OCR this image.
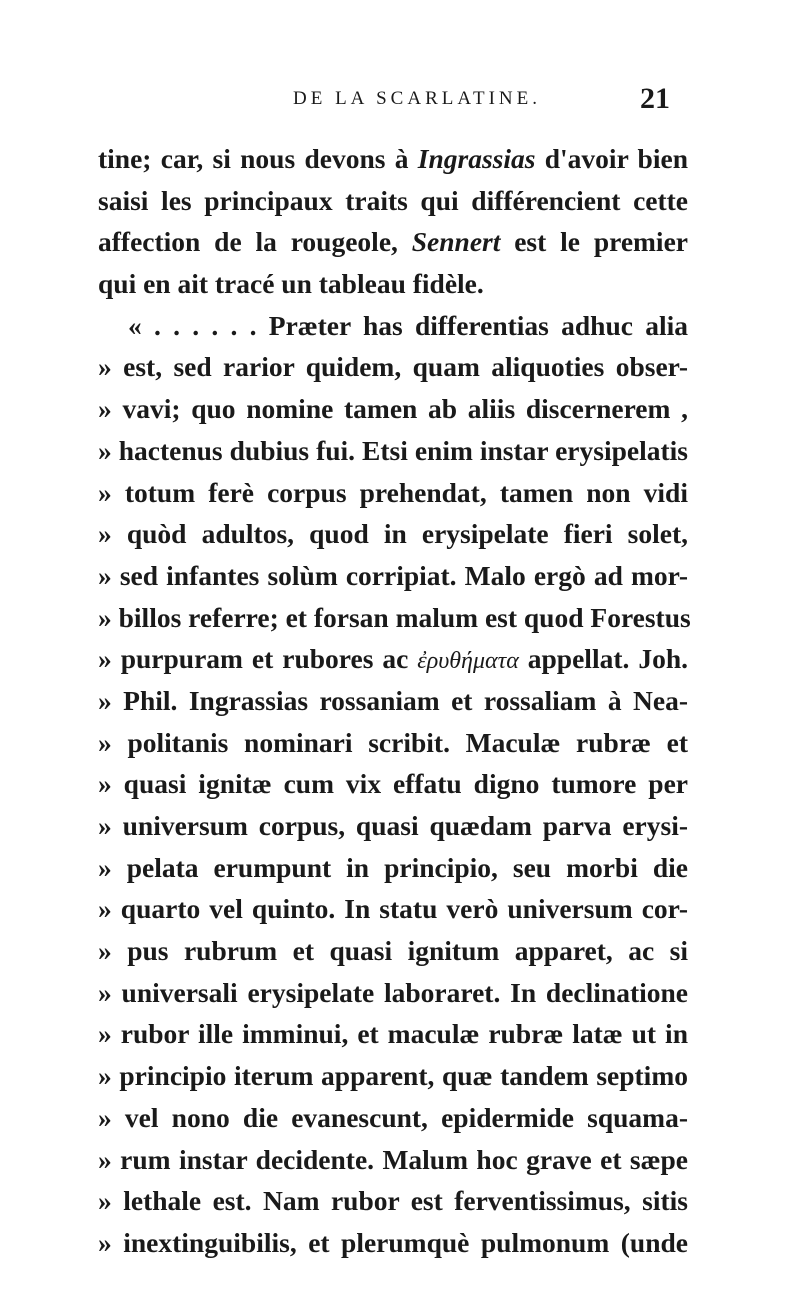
DE LA SCARLATINE.	21
tine; car, si nous devons à Ingrassias d'avoir bien
saisi les principaux traits qui différencient cette
affection de la rougeole, Sennert est le premier
qui en ait tracé un tableau fidèle.
« . . . . . . Præter has differentias adhuc alia
» est, sed rarior quidem, quam aliquoties obser-
» vavi; quo nomine tamen ab aliis discernerem ,
» hactenus dubius fui. Etsi enim instar erysipelatis
» totum ferè corpus prehendat, tamen non vidi
» quòd adultos, quod in erysipelate fieri solet,
» sed infantes solùm corripiat. Malo ergò ad mor-
» billos referre; et forsan malum est quod Forestus
» purpuram et rubores ac ἐρυθήματα appellat. Joh.
» Phil. Ingrassias rossaniam et rossaliam à Nea-
» politanis nominari scribit. Maculæ rubræ et
» quasi ignitæ cum vix effatu digno tumore per
» universum corpus, quasi quædam parva erysi-
» pelata erumpunt in principio, seu morbi die
» quarto vel quinto. In statu verò universum cor-
» pus rubrum et quasi ignitum apparet, ac si
» universali erysipelate laboraret. In declinatione
» rubor ille imminui, et maculæ rubræ latæ ut in
» principio iterum apparent, quæ tandem septimo
» vel nono die evanescunt, epidermide squama-
» rum instar decidente. Malum hoc grave et sæpe
» lethale est. Nam rubor est ferventissimus, sitis
» inextinguibilis, et plerumquè pulmonum (unde
